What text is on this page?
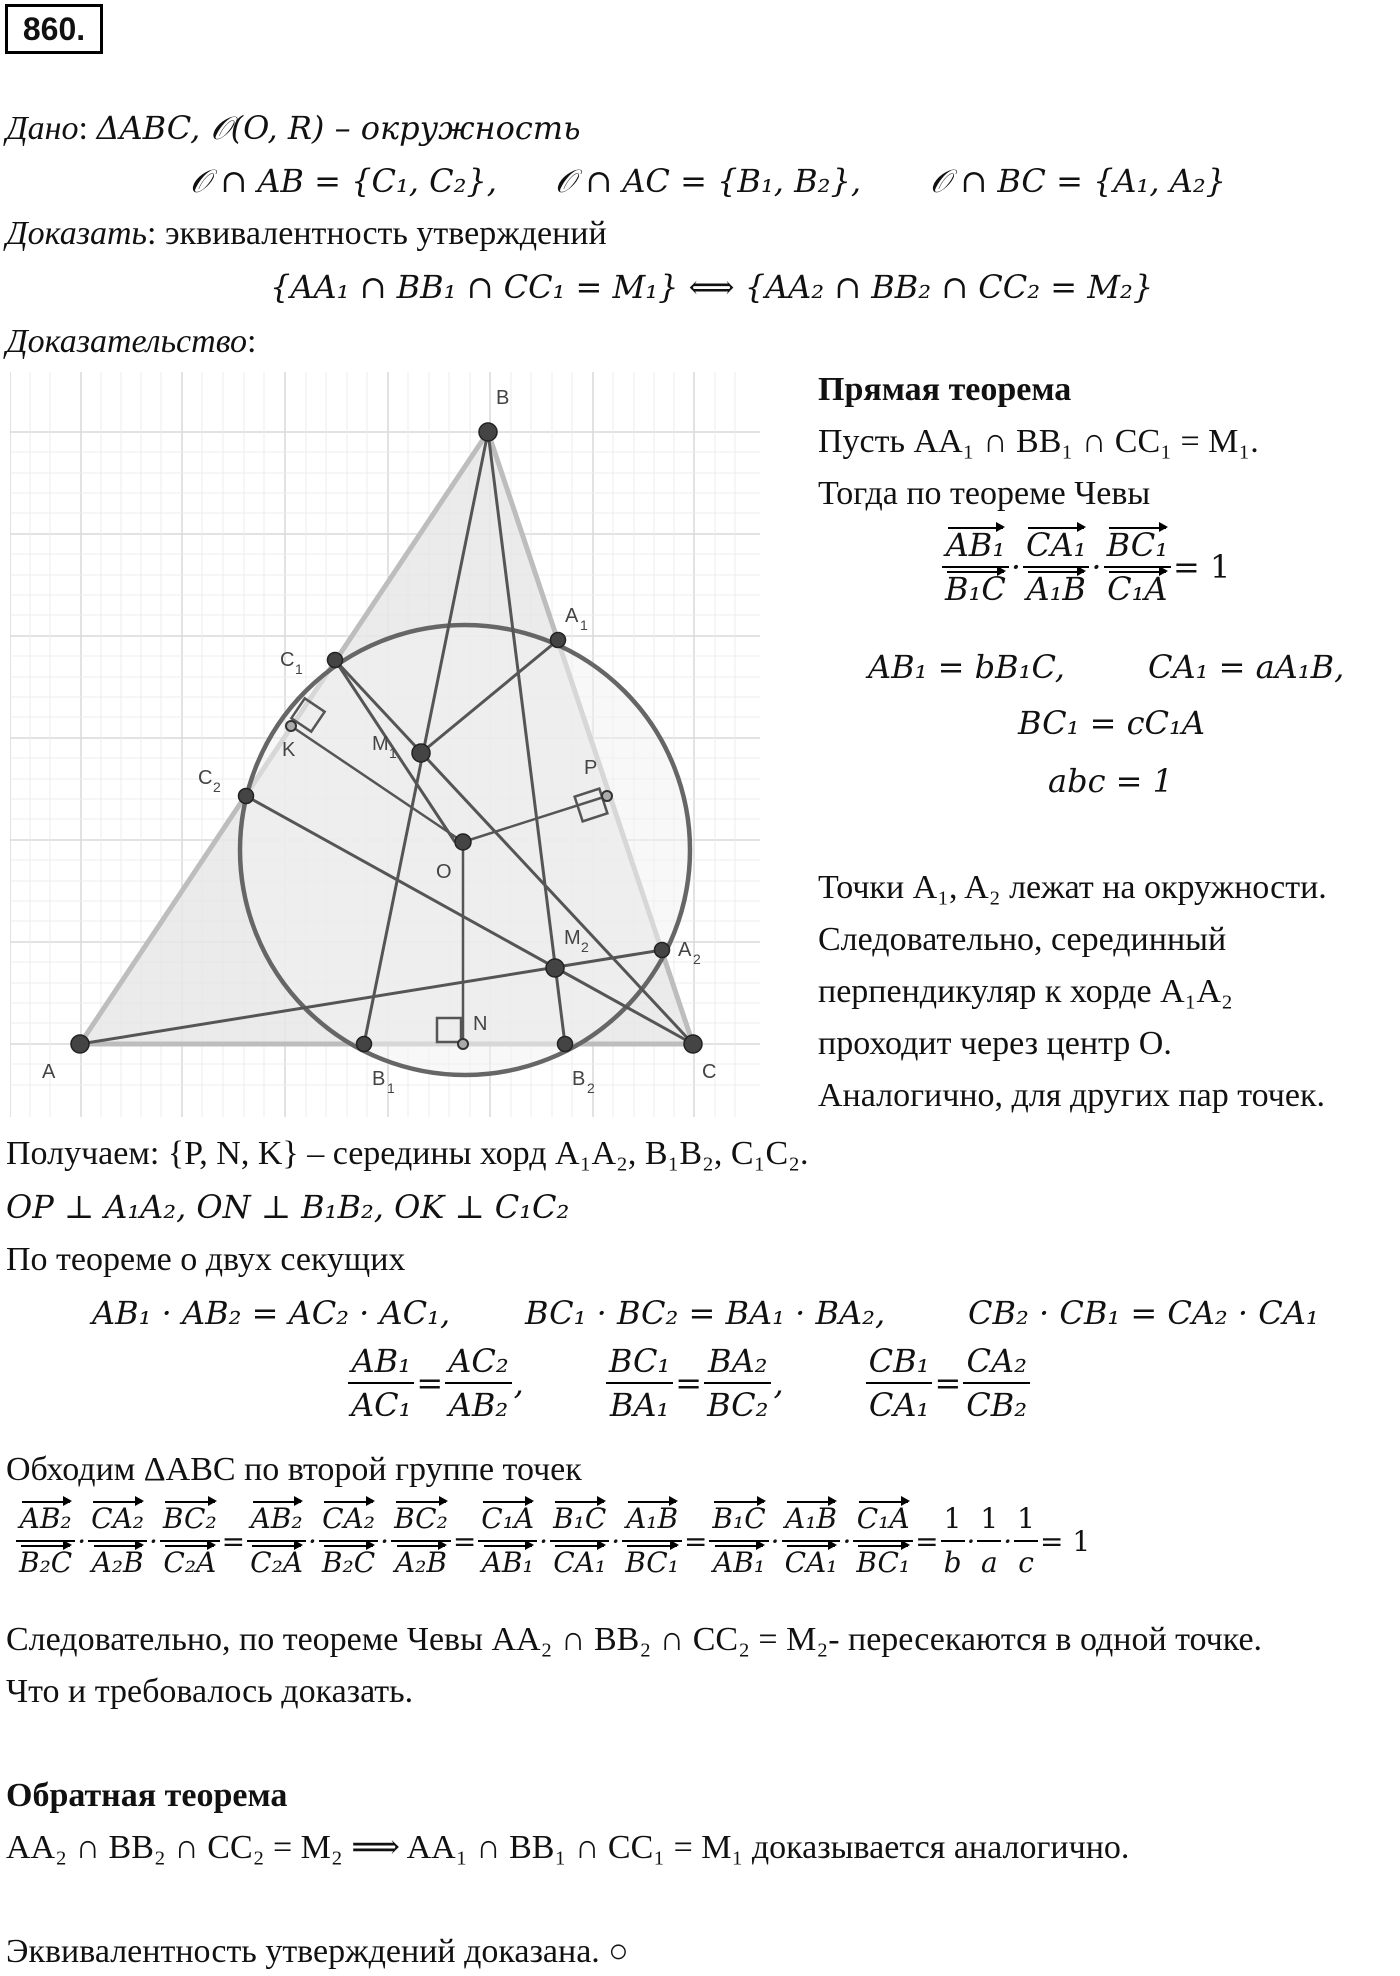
860.
Дано: ΔABC, 𝒪(O, R) – окружность
𝒪 ∩ AB = {C₁, C₂}, 𝒪 ∩ AC = {B₁, B₂}, 𝒪 ∩ BC = {A₁, A₂}
Доказать: эквивалентность утверждений
{AA₁ ∩ BB₁ ∩ CC₁ = M₁} ⟺ {AA₂ ∩ BB₂ ∩ CC₂ = M₂}
Доказательство:
A
B
C
A 1
A 2
B 1	B 2
C 1
C 2
M 1
M 2
O
P
K
N
Прямая теорема
Пусть AA₁ ∩ BB₁ ∩ CC₁ = M₁.
Тогда по теореме Чевы
$\frac{\text{AB₁}}{\text{B₁C}} \cdot \frac{\text{CA₁}}{\text{A₁B}} \cdot \frac{\text{BC₁}}{\text{C₁A}} = 1$
AB₁ = bB₁C,	CA₁ = aA₁B,
BC₁ = cC₁A
abc = 1
Точки A₁, A₂ лежат на окружности.
Следовательно, серединный
перпендикуляр к хорде A₁A₂
проходит через центр O.
Аналогично, для других пар точек.
Получаем: {P, N, K} – середины хорд A₁A₂, B₁B₂, C₁C₂.
OP ⊥ A₁A₂, ON ⊥ B₁B₂, OK ⊥ C₁C₂
По теореме о двух секущих
AB₁ · AB₂ = AC₂ · AC₁, BC₁ · BC₂ = BA₁ · BA₂,	CB₂ · CB₁ = CA₂ · CA₁
$\frac{\text{AB₁}}{\text{AC₁}} = \frac{\text{AC₂}}{\text{AB₂}}$ ,	$\frac{\text{BC₁}}{\text{BA₁}} = \frac{\text{BA₂}}{\text{BC₂}}$ ,	$\frac{\text{CB₁}}{\text{CA₁}} = \frac{\text{CA₂}}{\text{CB₂}}$
Обходим ΔABC по второй группе точек
$\frac{\text{AB₂}}{\text{B₂C}} \cdot \frac{\text{CA₂}}{\text{A₂B}} \cdot \frac{\text{BC₂}}{\text{C₂A}} = \frac{\text{AB₂}}{\text{C₂A}} \cdot \frac{\text{CA₂}}{\text{B₂C}} \cdot \frac{\text{BC₂}}{\text{A₂B}} = \frac{\text{C₁A}}{\text{AB₁}} \cdot \frac{\text{B₁C}}{\text{CA₁}} \cdot \frac{\text{A₁B}}{\text{BC₁}} = \frac{\text{B₁C}}{\text{AB₁}} \cdot \frac{\text{A₁B}}{\text{CA₁}} \cdot \frac{\text{C₁A}}{\text{BC₁}} = \frac{1}{b} \cdot \frac{1}{a} \cdot \frac{1}{c} = 1$
Следовательно, по теореме Чевы AA₂ ∩ BB₂ ∩ CC₂ = M₂- пересекаются в одной точке.
Что и требовалось доказать.
Обратная теорема
AA₂ ∩ BB₂ ∩ CC₂ = M₂ ⟹ AA₁ ∩ BB₁ ∩ CC₁ = M₁ доказывается аналогично.
Эквивалентность утверждений доказана. ○
